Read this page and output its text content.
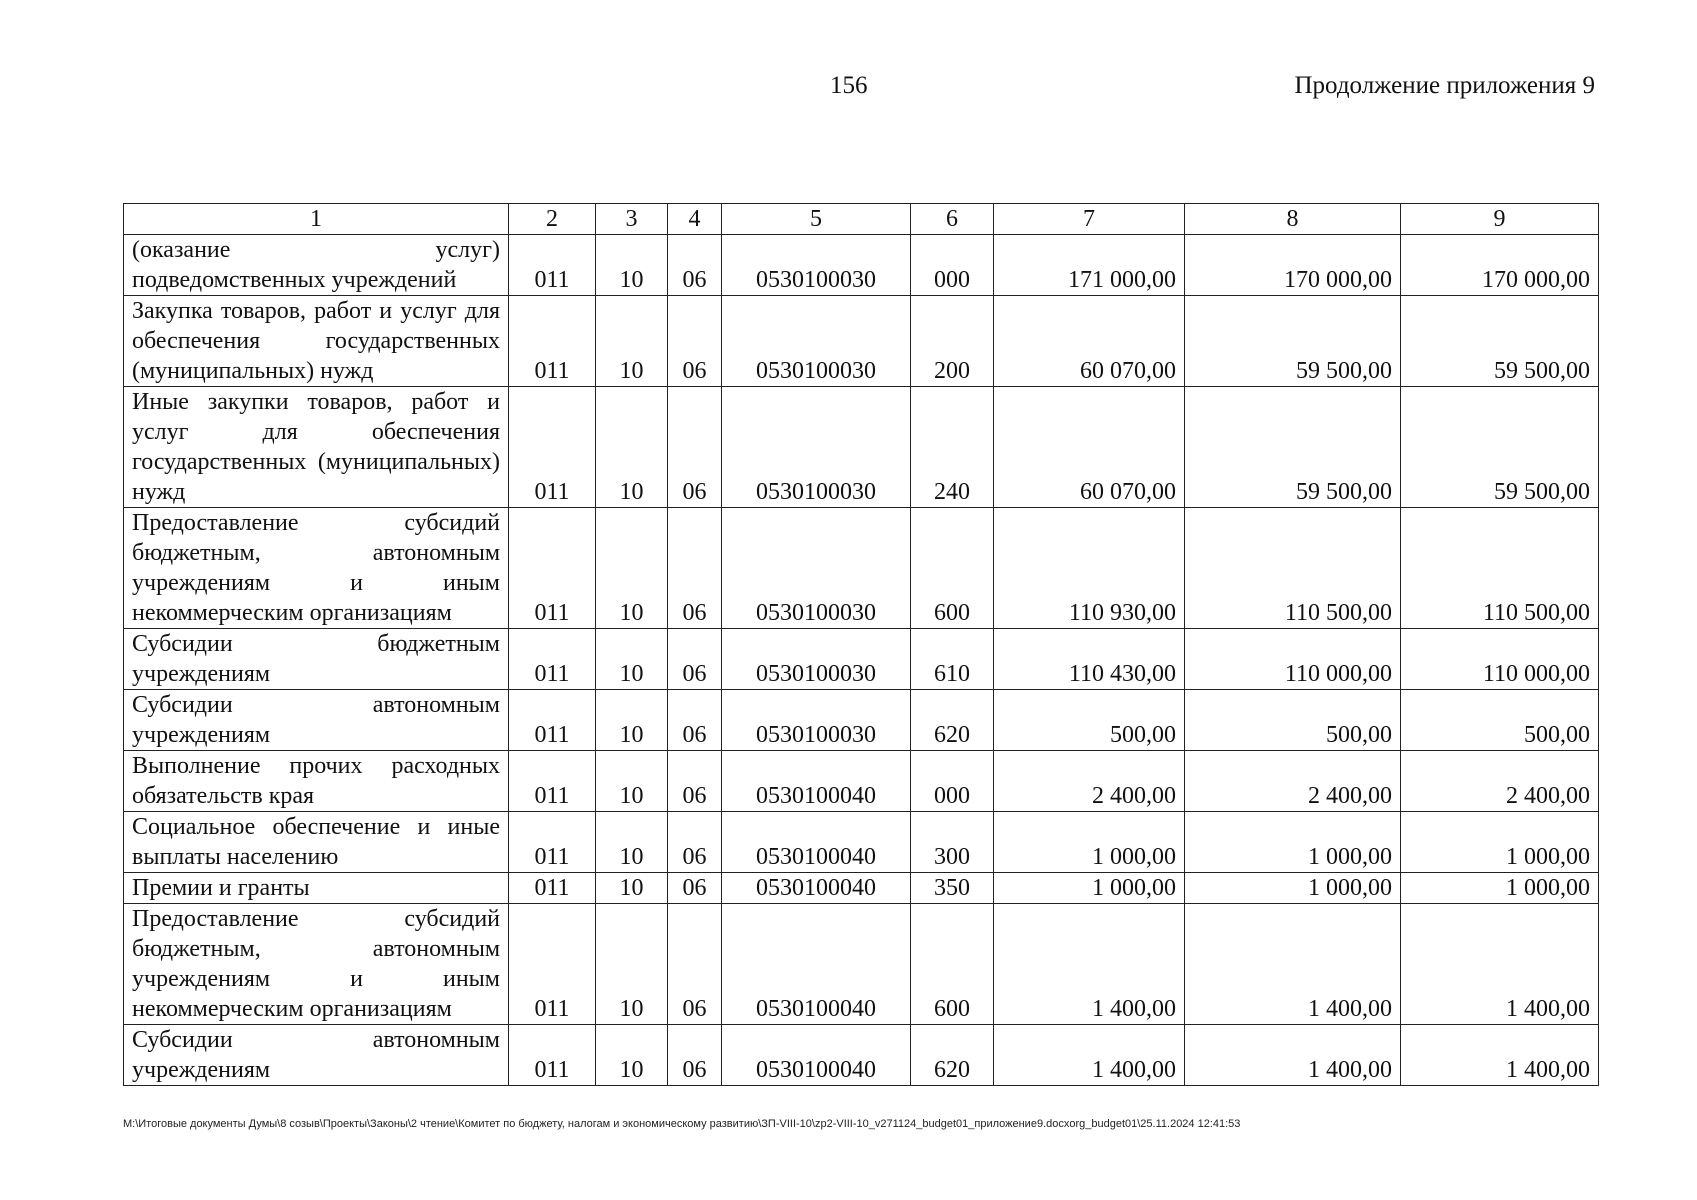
156	Продолжение приложения 9
1	2	3	4	5	6	7	8	9
(оказание услуг) подведомственных учреждений	011	10	06	0530100030	000	171 000,00	170 000,00	170 000,00
Закупка товаров, работ и услуг для обеспечения государственных (муниципальных) нужд	011	10	06	0530100030	200	60 070,00	59 500,00	59 500,00
Иные закупки товаров, работ и услуг для обеспечения государственных (муниципальных) нужд	011	10	06	0530100030	240	60 070,00	59 500,00	59 500,00
Предоставление субсидий бюджетным, автономным учреждениям и иным некоммерческим организациям	011	10	06	0530100030	600	110 930,00	110 500,00	110 500,00
Субсидии бюджетным учреждениям	011	10	06	0530100030	610	110 430,00	110 000,00	110 000,00
Субсидии автономным учреждениям	011	10	06	0530100030	620	500,00	500,00	500,00
Выполнение прочих расходных обязательств края	011	10	06	0530100040	000	2 400,00	2 400,00	2 400,00
Социальное обеспечение и иные выплаты населению	011	10	06	0530100040	300	1 000,00	1 000,00	1 000,00
Премии и гранты	011	10	06	0530100040	350	1 000,00	1 000,00	1 000,00
Предоставление субсидий бюджетным, автономным учреждениям и иным некоммерческим организациям	011	10	06	0530100040	600	1 400,00	1 400,00	1 400,00
Субсидии автономным учреждениям	011	10	06	0530100040	620	1 400,00	1 400,00	1 400,00
M:\Итоговые документы Думы\8 созыв\Проекты\Законы\2 чтение\Комитет по бюджету, налогам и экономическому развитию\ЗП-VIII-10\zp2-VIII-10_v271124_budget01_приложение9.docxorg_budget01\25.11.2024 12:41:53
